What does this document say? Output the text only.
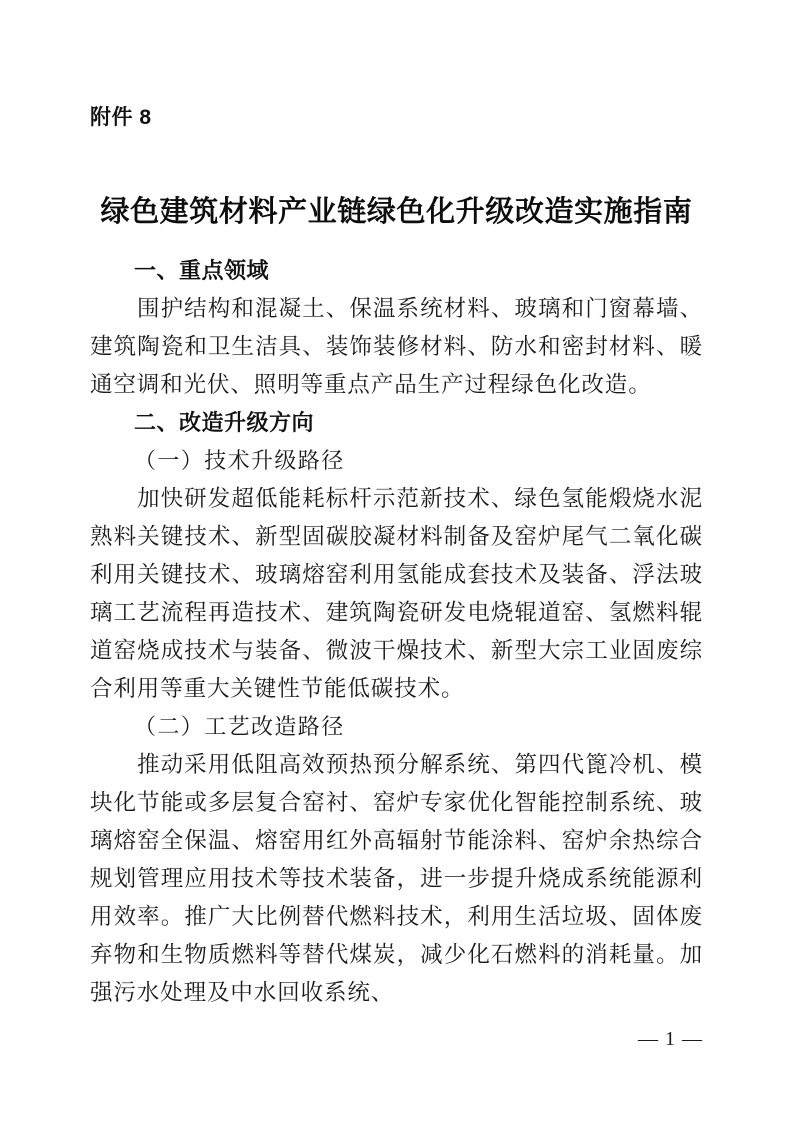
附件 8
绿色建筑材料产业链绿色化升级改造实施指南
一、重点领域

围护结构和混凝土、保温系统材料、玻璃和门窗幕墙、建筑陶瓷和卫生洁具、装饰装修材料、防水和密封材料、暖通空调和光伏、照明等重点产品生产过程绿色化改造。

二、改造升级方向
（一）技术升级路径

加快研发超低能耗标杆示范新技术、绿色氢能煅烧水泥熟料关键技术、新型固碳胶凝材料制备及窑炉尾气二氧化碳利用关键技术、玻璃熔窑利用氢能成套技术及装备、浮法玻璃工艺流程再造技术、建筑陶瓷研发电烧辊道窑、氢燃料辊道窑烧成技术与装备、微波干燥技术、新型大宗工业固废综合利用等重大关键性节能低碳技术。

（二）工艺改造路径

推动采用低阻高效预热预分解系统、第四代篦冷机、模块化节能或多层复合窑衬、窑炉专家优化智能控制系统、玻璃熔窑全保温、熔窑用红外高辐射节能涂料、窑炉余热综合规划管理应用技术等技术装备，进一步提升烧成系统能源利用效率。推广大比例替代燃料技术，利用生活垃圾、固体废弃物和生物质燃料等替代煤炭，减少化石燃料的消耗量。加强污水处理及中水回收系统、

— 1 —
